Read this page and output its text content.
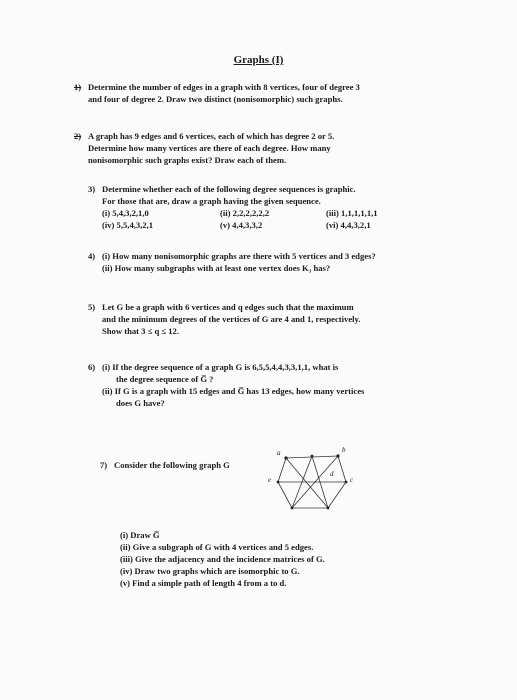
Graphs (I)
1) Determine the number of edges in a graph with 8 vertices, four of degree 3
and four of degree 2. Draw two distinct (nonisomorphic) such graphs.
2) A graph has 9 edges and 6 vertices, each of which has degree 2 or 5.
Determine how many vertices are there of each degree. How many
nonisomorphic such graphs exist? Draw each of them.
3) Determine whether each of the following degree sequences is graphic.
For those that are, draw a graph having the given sequence.
(i) 5,4,3,2,1,0	(ii) 2,2,2,2,2,2	(iii) 1,1,1,1,1,1
(iv) 5,5,4,3,2,1	(v) 4,4,3,3,2	(vi) 4,4,3,2,1
4) (i) How many nonisomorphic graphs are there with 5 vertices and 3 edges?
(ii) How many subgraphs with at least one vertex does K₃ has?
5) Let G be a graph with 6 vertices and q edges such that the maximum
and the minimum degrees of the vertices of G are 4 and 1, respectively.
Show that 3 ≤ q ≤ 12.
6) (i) If the degree sequence of a graph G is 6,5,5,4,4,3,3,1,1, what is
the degree sequence of G̅ ?
(ii) If G is a graph with 15 edges and G̅ has 13 edges, how many vertices
does G have?
7) Consider the following graph G
a	b
e	c
d
(i) Draw G̅
(ii) Give a subgraph of G with 4 vertices and 5 edges.
(iii) Give the adjacency and the incidence matrices of G.
(iv) Draw two graphs which are isomorphic to G.
(v) Find a simple path of length 4 from a to d.
